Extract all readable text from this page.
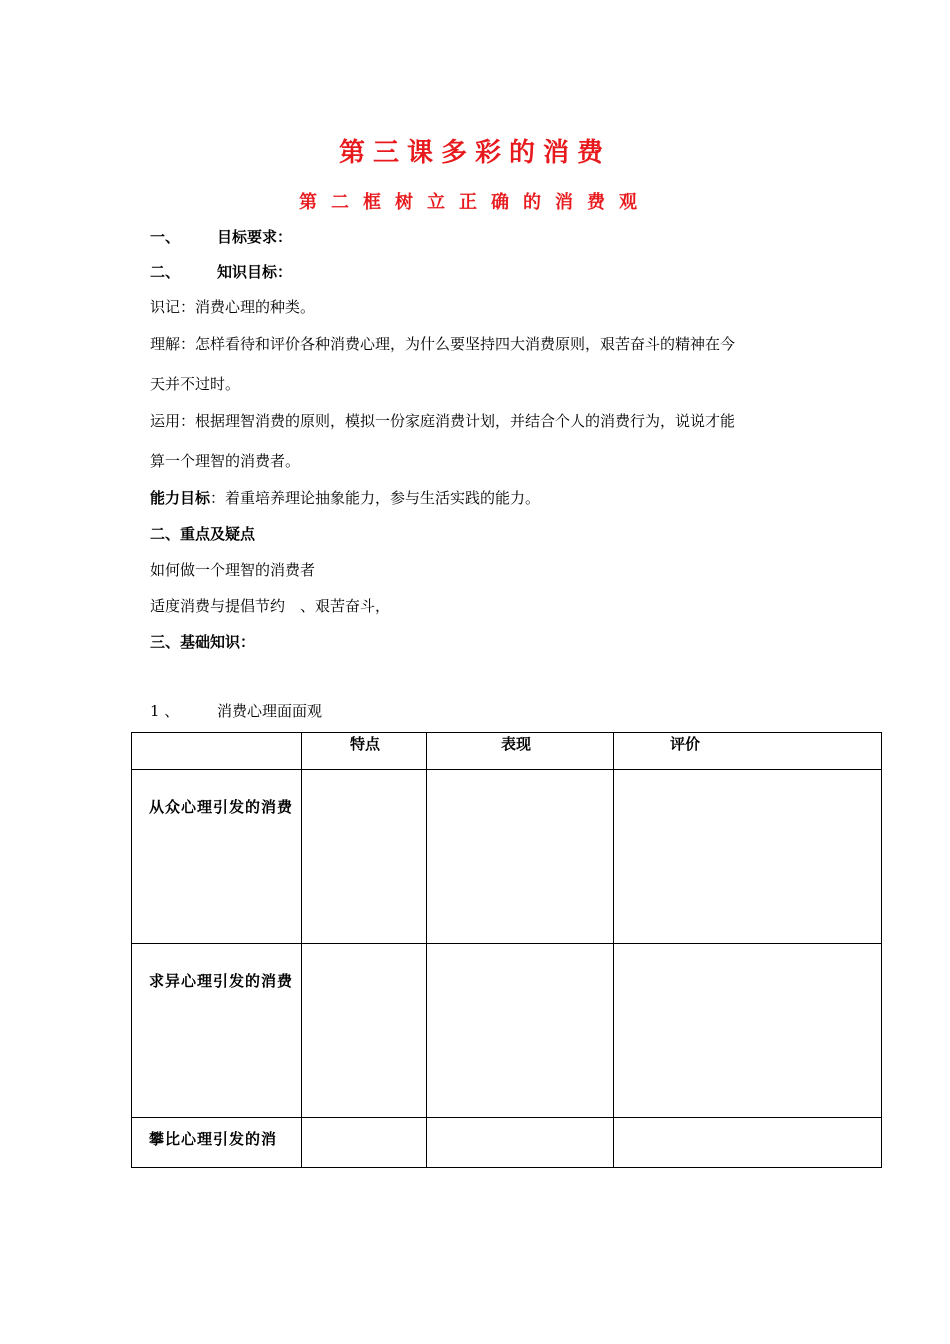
第三课多彩的消费
第二框树立正确的消费观
一、 目标要求：
二、 知识目标：
识记：消费心理的种类。
理解：怎样看待和评价各种消费心理，为什么要坚持四大消费原则，艰苦奋斗的精神在今
天并不过时。
运用：根据理智消费的原则，模拟一份家庭消费计划，并结合个人的消费行为，说说才能
算一个理智的消费者。
能力目标：着重培养理论抽象能力，参与生活实践的能力。
二、重点及疑点
如何做一个理智的消费者
适度消费与提倡节约　、艰苦奋斗，
三、基础知识：
1 、	消费心理面面观
	特点	表现	评价
从众心理引发的消费			
求异心理引发的消费			
攀比心理引发的消			
